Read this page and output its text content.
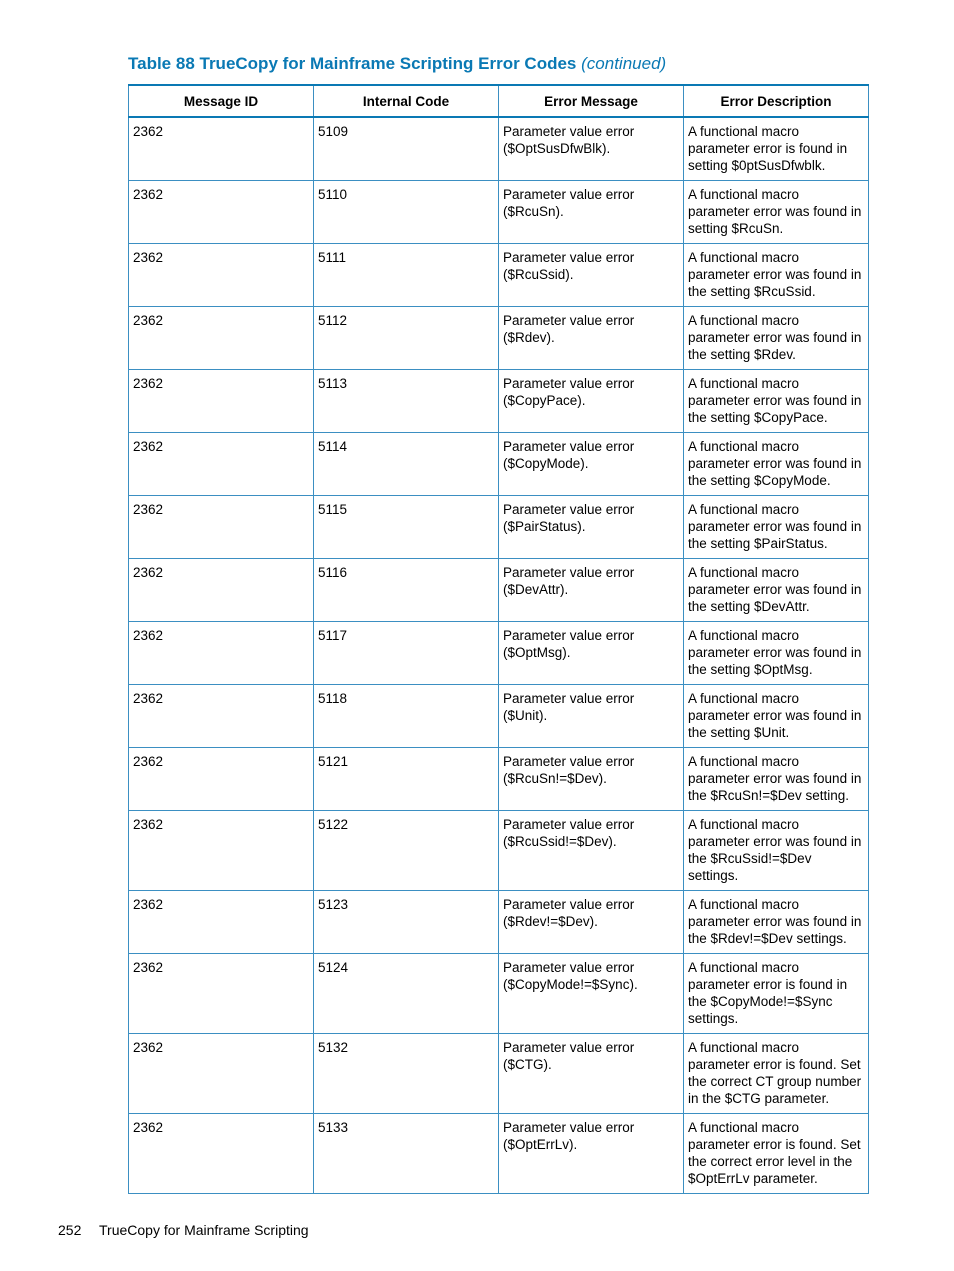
Table 88 TrueCopy for Mainframe Scripting Error Codes (continued)
Message ID	Internal Code	Error Message	Error Description
2362	5109	Parameter value error ($OptSusDfwBlk).	A functional macro parameter error is found in setting $0ptSusDfwblk.
2362	5110	Parameter value error ($RcuSn).	A functional macro parameter error was found in setting $RcuSn.
2362	5111	Parameter value error ($RcuSsid).	A functional macro parameter error was found in the setting $RcuSsid.
2362	5112	Parameter value error ($Rdev).	A functional macro parameter error was found in the setting $Rdev.
2362	5113	Parameter value error ($CopyPace).	A functional macro parameter error was found in the setting $CopyPace.
2362	5114	Parameter value error ($CopyMode).	A functional macro parameter error was found in the setting $CopyMode.
2362	5115	Parameter value error ($PairStatus).	A functional macro parameter error was found in the setting $PairStatus.
2362	5116	Parameter value error ($DevAttr).	A functional macro parameter error was found in the setting $DevAttr.
2362	5117	Parameter value error ($OptMsg).	A functional macro parameter error was found in the setting $OptMsg.
2362	5118	Parameter value error ($Unit).	A functional macro parameter error was found in the setting $Unit.
2362	5121	Parameter value error ($RcuSn!=$Dev).	A functional macro parameter error was found in the $RcuSn!=$Dev setting.
2362	5122	Parameter value error ($RcuSsid!=$Dev).	A functional macro parameter error was found in the $RcuSsid!=$Dev settings.
2362	5123	Parameter value error ($Rdev!=$Dev).	A functional macro parameter error was found in the $Rdev!=$Dev settings.
2362	5124	Parameter value error ($CopyMode!=$Sync).	A functional macro parameter error is found in the $CopyMode!=$Sync settings.
2362	5132	Parameter value error ($CTG).	A functional macro parameter error is found. Set the correct CT group number in the $CTG parameter.
2362	5133	Parameter value error ($OptErrLv).	A functional macro parameter error is found. Set the correct error level in the $OptErrLv parameter.
252 TrueCopy for Mainframe Scripting
